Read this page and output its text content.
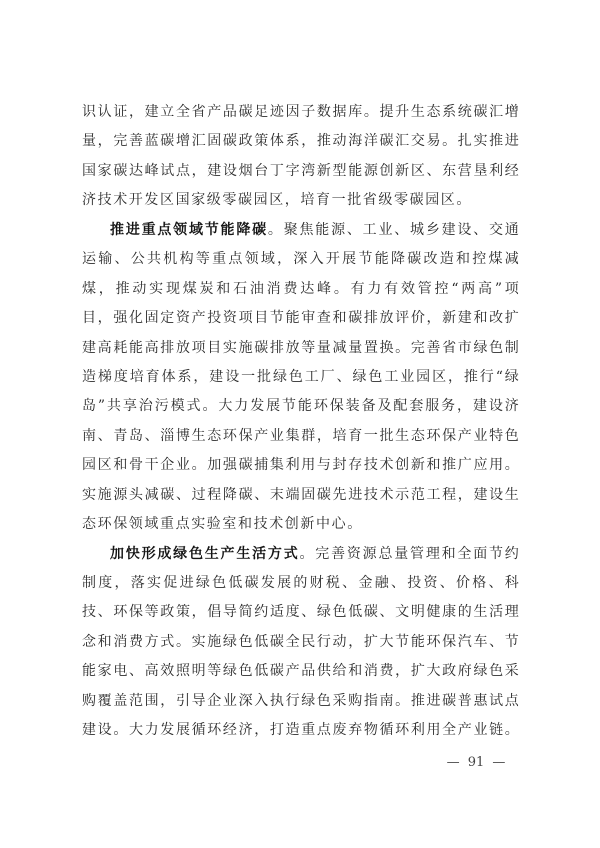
识认证，建立全省产品碳足迹因子数据库。提升生态系统碳汇增
量，完善蓝碳增汇固碳政策体系，推动海洋碳汇交易。扎实推进
国家碳达峰试点，建设烟台丁字湾新型能源创新区、东营垦利经
济技术开发区国家级零碳园区，培育一批省级零碳园区。
推进重点领域节能降碳。聚焦能源、工业、城乡建设、交通
运输、公共机构等重点领域，深入开展节能降碳改造和控煤减
煤，推动实现煤炭和石油消费达峰。有力有效管控“两高”项
目，强化固定资产投资项目节能审查和碳排放评价，新建和改扩
建高耗能高排放项目实施碳排放等量减量置换。完善省市绿色制
造梯度培育体系，建设一批绿色工厂、绿色工业园区，推行“绿
岛”共享治污模式。大力发展节能环保装备及配套服务，建设济
南、青岛、淄博生态环保产业集群，培育一批生态环保产业特色
园区和骨干企业。加强碳捕集利用与封存技术创新和推广应用。
实施源头减碳、过程降碳、末端固碳先进技术示范工程，建设生
态环保领域重点实验室和技术创新中心。
加快形成绿色生产生活方式。完善资源总量管理和全面节约
制度，落实促进绿色低碳发展的财税、金融、投资、价格、科
技、环保等政策，倡导简约适度、绿色低碳、文明健康的生活理
念和消费方式。实施绿色低碳全民行动，扩大节能环保汽车、节
能家电、高效照明等绿色低碳产品供给和消费，扩大政府绿色采
购覆盖范围，引导企业深入执行绿色采购指南。推进碳普惠试点
建设。大力发展循环经济，打造重点废弃物循环利用全产业链。
— 91 —
